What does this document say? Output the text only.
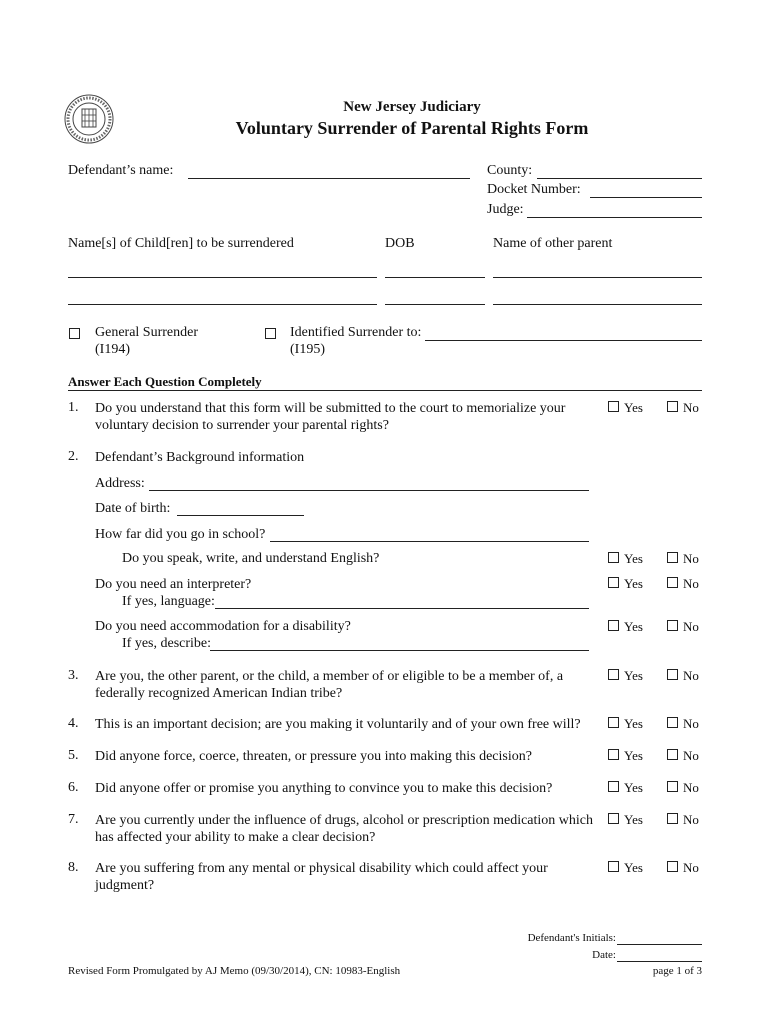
New Jersey Judiciary
Voluntary Surrender of Parental Rights Form
Defendant’s name:	County:
Docket Number:
Judge:
Name[s] of Child[ren] to be surrendered	DOB	Name of other parent
General Surrender
(I194)
Identified Surrender to:
(I195)
Answer Each Question Completely
1. Do you understand that this form will be submitted to the court to memorialize your
voluntary decision to surrender your parental rights?
Yes	No
2. Defendant’s Background information
Address:
Date of birth:
How far did you go in school?
Do you speak, write, and understand English?	Yes	No
Do you need an interpreter?	Yes	No
If yes, language:
Do you need accommodation for a disability?	Yes	No
If yes, describe:
3. Are you, the other parent, or the child, a member of or eligible to be a member of, a
federally recognized American Indian tribe?
Yes	No
4. This is an important decision; are you making it voluntarily and of your own free will?	Yes	No
5. Did anyone force, coerce, threaten, or pressure you into making this decision?	Yes	No
6. Did anyone offer or promise you anything to convince you to make this decision?	Yes	No
7. Are you currently under the influence of drugs, alcohol or prescription medication which
has affected your ability to make a clear decision?
Yes	No
8. Are you suffering from any mental or physical disability which could affect your
judgment?
Yes	No
Defendant's Initials:
Date:
Revised Form Promulgated by AJ Memo (09/30/2014), CN: 10983-English	page 1 of 3
